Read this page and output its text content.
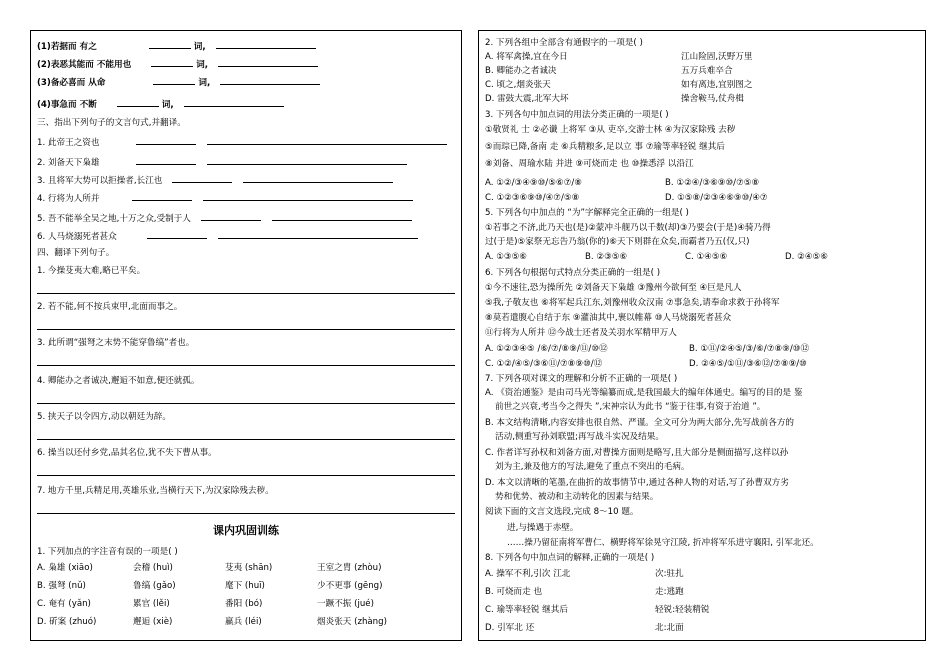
(1)若据而 有之	词,
(2)表恶其能而 不能用也	词,
(3)备必喜而 从命	词,
(4)事急而 不断	词,
三、指出下列句子的文言句式,并翻译。
1. 此帝王之资也
2. 刘备天下枭雄
3. 且将军大势可以拒操者,长江也
4. 行将为人所并
5. 吾不能举全吴之地,十万之众,受制于人
6. 人马烧溺死者甚众
四、翻译下列句子。
1. 今操芟夷大难,略已平矣。
2. 若不能,何不按兵束甲,北面而事之。
3. 此所谓“强弩之末势不能穿鲁缟”者也。
4. 卿能办之者诚决,邂逅不如意,便还就孤。
5. 挟天子以令四方,动以朝廷为辞。
6. 操当以还付乡党,品其名位,犹不失下曹从事。
7. 地方千里,兵精足用,英雄乐业,当横行天下,为汉家除残去秽。
课内巩固训练
1. 下列加点的字注音有误的一项是( )
A. 枭雄 (xiāo)	会稽 (huì)	芟夷 (shān)	王室之胄 (zhòu)
B. 强弩 (nǔ)	鲁缟 (gǎo)	麾下 (huī)	少不更事 (gēng)
C. 奄有 (yǎn)	累官 (lěi)	番阳 (bó)	一蹶不振 (jué)
D. 斫案 (zhuó)	邂逅 (xiè)	羸兵 (léi)	烟炎张天 (zhàng)
2. 下列各组中全部含有通假字的一项是( )
A. 将军禽操,宜在今日	江山险固,沃野万里
B. 卿能办之者诚决	五万兵难卒合
C. 顷之,烟炎张天	如有离违,宜别图之
D. 雷鼓大震,北军大坏	操舍鞍马,仗舟楫
3. 下列各句中加点词的用法分类正确的一项是( )
①敬贤礼 士 ②必谶 上将军 ③从 吏卒,交游士林 ④为汉家除残 去秽
⑤而琮已降,备南 走 ⑥兵精粮多,足以立 事 ⑦瑜等率轻锐 继其后
⑧刘备、周瑜水陆 并进 ⑨可烧而走 也 ⑩操悉浮 以沿江
A. ①②/③④⑨⑩/⑤⑥⑦/⑧	B. ①②④/③⑥⑨⑩/⑦⑤⑧
C. ①②③⑥⑨⑩/④⑦/⑤⑧	D. ①⑤⑧/②③④⑥⑨⑩/④⑦
5. 下列各句中加点的 “为”字解释完全正确的一组是( )
①若事之不济,此乃天也(是)②蒙冲斗舰乃以千数(却)③乃要会(于是)④骑乃得
过(于是)⑤家祭无忘告乃翁(你的)⑥天下则群在众矣,而霸者乃五(仅,只)
A. ①③⑤⑥	B. ②③⑤⑥	C. ①④⑤⑥	D. ②④⑤⑥
6. 下列各句根据句式特点分类正确的一组是( )
①今不速往,恐为操所先 ②刘备天下枭雄 ③豫州今欲何至 ④巨是凡人
⑤我,子敬友也 ⑥将军起兵江东,刘豫州收众汉南 ⑦事急矣,请奉命求救于孙将军
⑧莫若遣腹心自结于东 ⑨灌油其中,裹以帷幕 ⑩人马烧溺死者甚众
⑪行将为人所并 ⑫今战士还者及关羽水军精甲万人
A. ①②③④⑤ /⑥/⑦/⑧⑨/⑪/⑩⑫	B. ①⑪/②④⑤/③/⑥/⑦⑧⑨/⑩⑫
C. ①②/④⑤/③⑥⑪/⑦⑧⑨⑩/⑫	D. ②④⑤/①⑪/③⑥⑫/⑦⑧⑨/⑩
7. 下列各项对课文的理解和分析不正确的一项是( )
A. 《资治通鉴》是由司马光等编纂而成,是我国最大的编年体通史。编写的目的是 鉴
前世之兴衰,考当今之得失 ”,宋神宗认为此书 “鉴于往事,有资于治道 ”。
B. 本文结构清晰,内容安排也很自然、严谨。全文可分为两大部分,先写战前各方的
活动,侧重写孙刘联盟;再写战斗实况及结果。
C. 作者详写孙权和刘备方面,对曹操方面则是略写,且大部分是侧面描写,这样以孙
刘为主,兼及他方的写法,避免了重点不突出的毛病。
D. 本文以清晰的笔墨,在曲折的故事情节中,通过各种人物的对话,写了孙曹双方劣
势和优势、被动和主动转化的因素与结果。
阅读下面的文言文选段,完成 8～10 题。
进,与操遇于赤壁。
……操乃留征南将军曹仁、横野将军徐晃守江陵, 折冲将军乐进守襄阳, 引军北还。
8. 下列各句中加点词的解释,正确的一项是( )
A. 操军不利,引次 江北	次:驻扎
B. 可烧而走 也	走:逃跑
C. 瑜等率轻锐 继其后	轻锐:轻装精锐
D. 引军北 还	北:北面
